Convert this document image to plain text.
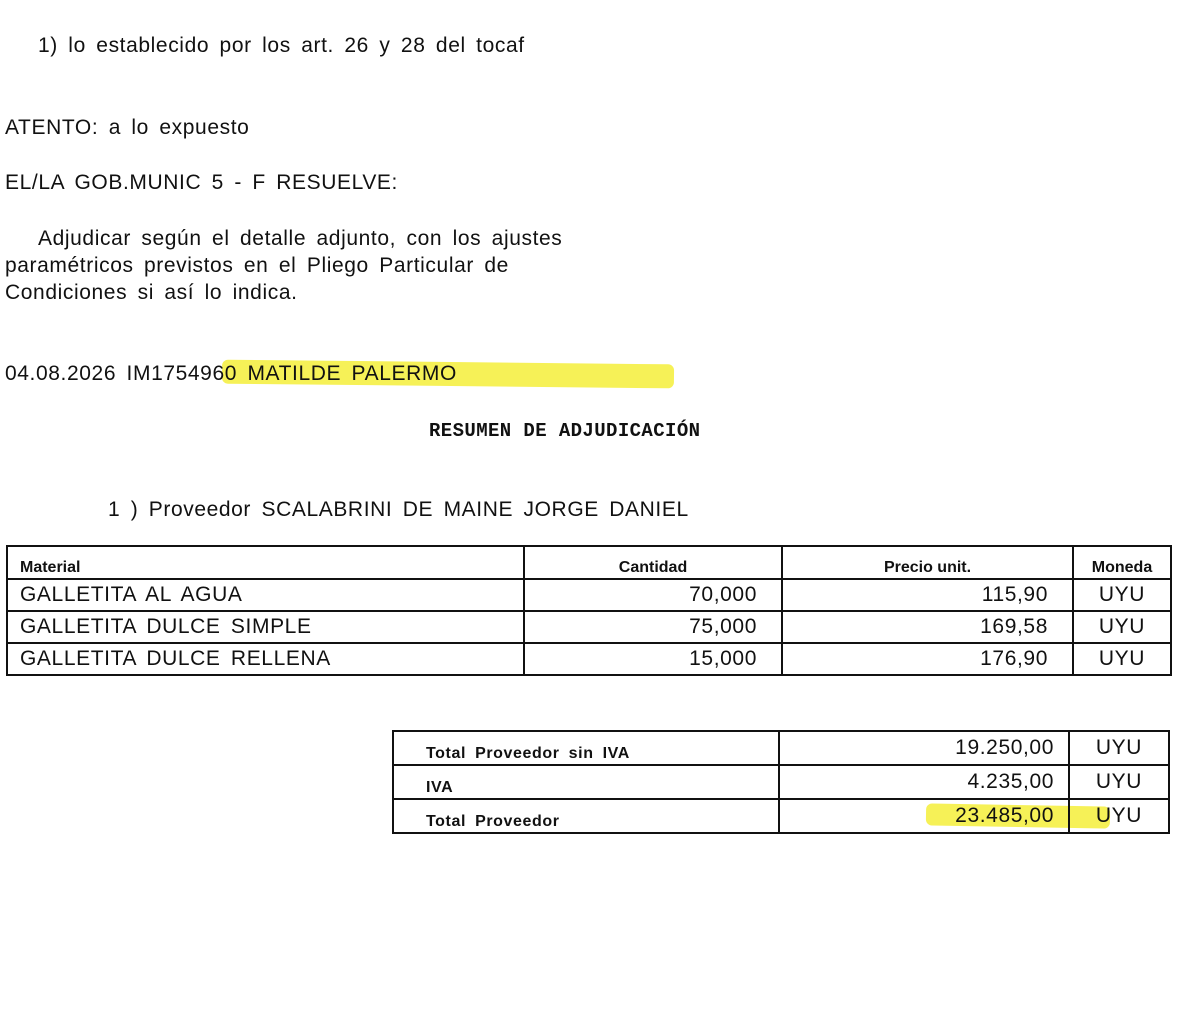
1) lo establecido por los art. 26 y 28 del tocaf
ATENTO: a lo expuesto
EL/LA GOB.MUNIC 5 - F RESUELVE:
Adjudicar según el detalle adjunto, con los ajustes
paramétricos previstos en el Pliego Particular de
Condiciones si así lo indica.
04.08.2026 IM1754960 MATILDE PALERMO
RESUMEN DE ADJUDICACIÓN
1 ) Proveedor SCALABRINI DE MAINE JORGE DANIEL
Material	Cantidad	Precio unit.	Moneda
GALLETITA AL AGUA	70,000	115,90	UYU
GALLETITA DULCE SIMPLE	75,000	169,58	UYU
GALLETITA DULCE RELLENA	15,000	176,90	UYU
Total Proveedor sin IVA	19.250,00	UYU
IVA	4.235,00	UYU
Total Proveedor	23.485,00	UYU
